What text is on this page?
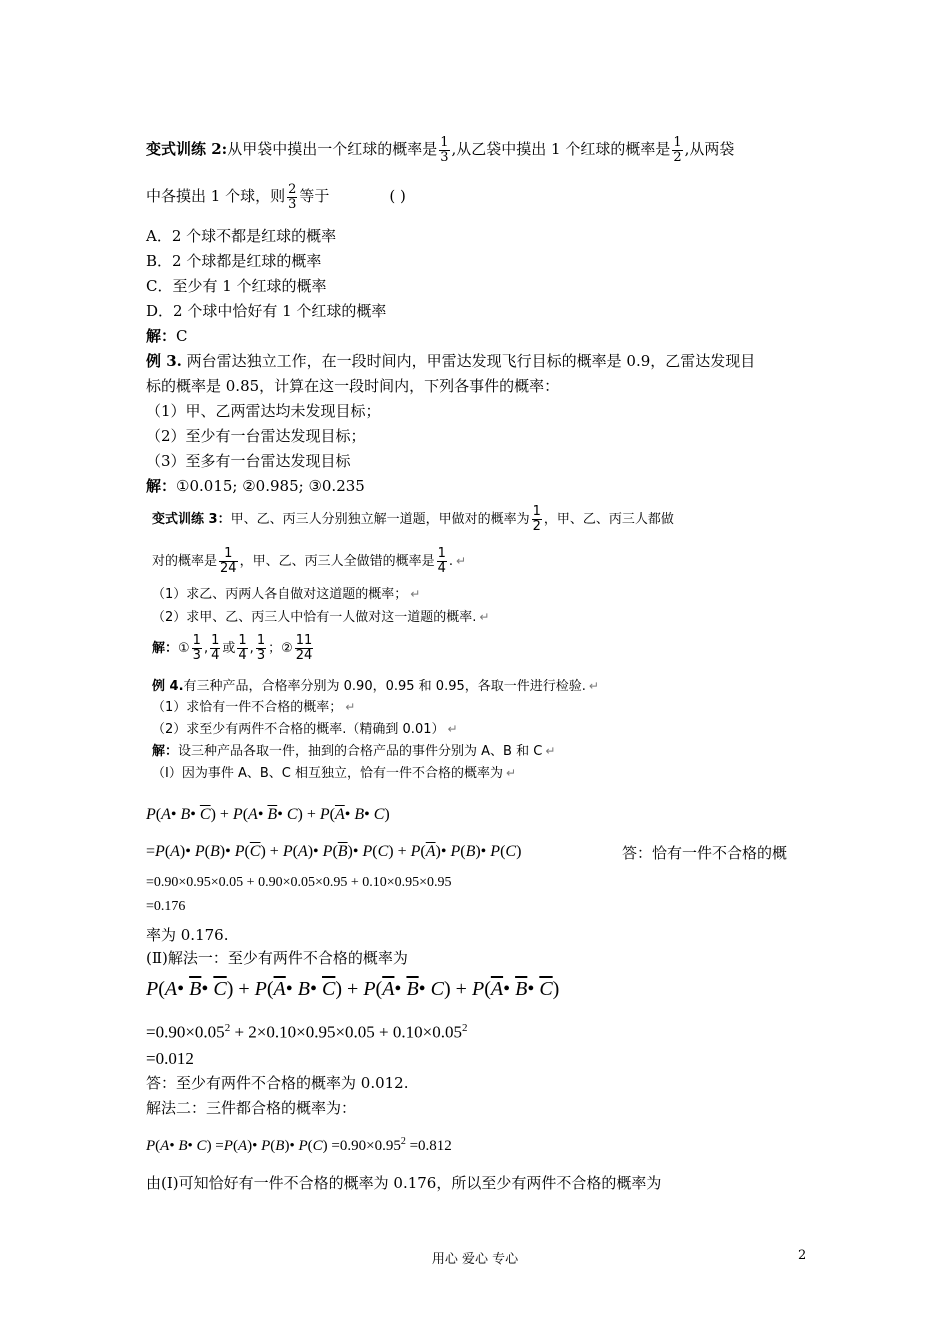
变式训练 2:从甲袋中摸出一个红球的概率是 $\frac{1}{3}$ ,从乙袋中摸出 1 个红球的概率是 $\frac{1}{2}$ ,从两袋
中各摸出 1 个球，则 $\frac{2}{3}$ 等于	( )
A．2 个球不都是红球的概率
B．2 个球都是红球的概率
C．至少有 1 个红球的概率
D．2 个球中恰好有 1 个红球的概率
解：C
例 3. 两台雷达独立工作，在一段时间内，甲雷达发现飞行目标的概率是 0.9，乙雷达发现目
标的概率是 0.85，计算在这一段时间内，下列各事件的概率：
（1）甲、乙两雷达均未发现目标；
（2）至少有一台雷达发现目标；
（3）至多有一台雷达发现目标
解：①0.015; ②0.985; ③0.235
变式训练 3：甲、乙、丙三人分别独立解一道题，甲做对的概率为 $\frac{1}{2}$ ，甲、乙、丙三人都做
对的概率是 $\frac{1}{24}$ ，甲、乙、丙三人全做错的概率是 $\frac{1}{4}$ . ↵
（1）求乙、丙两人各自做对这道题的概率； ↵
（2）求甲、乙、丙三人中恰有一人做对这一道题的概率. ↵
解：① $\frac{1}{3}$ , $\frac{1}{4}$ 或 $\frac{1}{4}$ , $\frac{1}{3}$ ；② $\frac{11}{24}$
例 4.有三种产品，合格率分别为 0.90，0.95 和 0.95，各取一件进行检验. ↵
（1）求恰有一件不合格的概率； ↵
（2）求至少有两件不合格的概率.（精确到 0.01） ↵
解：设三种产品各取一件，抽到的合格产品的事件分别为 A、B 和 C ↵
（Ⅰ）因为事件 A、B、C 相互独立，恰有一件不合格的概率为 ↵
P(A• B• $\overline{C}$) + P(A• $\overline{B}•$ $C) + P(\overline{A}•$ B• C)
=P(A)• P(B)• $P(\overline{C})$ + P(A)• $P(\overline{B})•$ $P(C) + P(\overline{A})•$ P(B)• P(C)	答：恰有一件不合格的概
=0.90×0.95×0.05 + 0.90×0.05×0.95 + 0.10×0.95×0.95
=0.176
率为 0.176.
(Ⅱ)解法一：至少有两件不合格的概率为
P(A• $\overline{B}•$ $\overline{C}$) + $P(\overline{A}•$ B• $\overline{C}$) + $P(\overline{A}•$ $\overline{B}•$ $C) + P(\overline{A}•$ $\overline{B}•$ $\overline{C}$)
$=0.90\times 0.05^2 + 2\times 0.10\times 0.95\times 0.05 + 0.10\times 0.05^2$
=0.012
答：至少有两件不合格的概率为 0.012.
解法二：三件都合格的概率为：
P(A• B• C) =P(A)• P(B)• $P(C) =0.90\times 0.95^2 =0.812$
由(Ⅰ)可知恰好有一件不合格的概率为 0.176，所以至少有两件不合格的概率为
用心 爱心 专心	2
